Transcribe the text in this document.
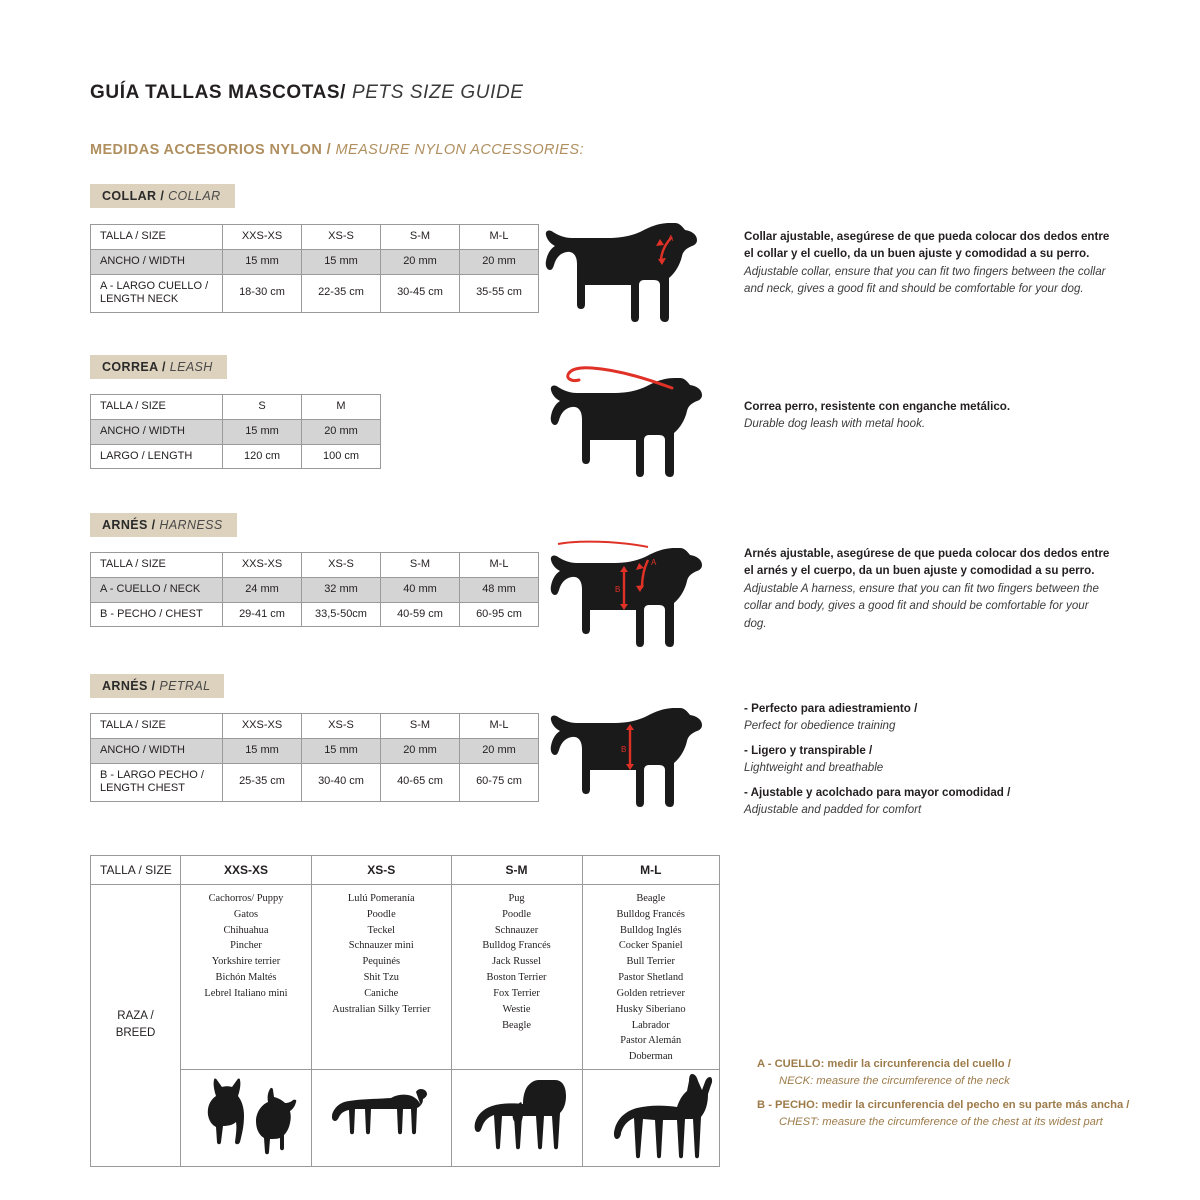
GUÍA TALLAS MASCOTAS/ PETS SIZE GUIDE
MEDIDAS ACCESORIOS NYLON / MEASURE NYLON ACCESSORIES:
COLLAR / COLLAR
TALLA / SIZE	XXS-XS	XS-S	S-M	M-L
ANCHO / WIDTH	15 mm	15 mm	20 mm	20 mm
A - LARGO CUELLO / LENGTH NECK	18-30 cm	22-35 cm	30-45 cm	35-55 cm
A	Collar ajustable, asegúrese de que pueda colocar dos dedos entre el collar y el cuello, da un buen ajuste y comodidad a su perro.
Adjustable collar, ensure that you can fit two fingers between the collar and neck, gives a good fit and should be comfortable for your dog.
CORREA / LEASH
TALLA / SIZE	S	M
ANCHO / WIDTH	15 mm	20 mm
LARGO / LENGTH	120 cm	100 cm
Correa perro, resistente con enganche metálico.
Durable dog leash with metal hook.
ARNÉS / HARNESS
TALLA / SIZE	XXS-XS	XS-S	S-M	M-L
A - CUELLO / NECK	24 mm	32 mm	40 mm	48 mm
B - PECHO / CHEST	29-41 cm	33,5-50cm	40-59 cm	60-95 cm
A
B
Arnés ajustable, asegúrese de que pueda colocar dos dedos entre el arnés y el cuerpo, da un buen ajuste y comodidad a su perro.
Adjustable A harness, ensure that you can fit two fingers between the collar and body, gives a good fit and should be comfortable for your dog.
ARNÉS / PETRAL
TALLA / SIZE	XXS-XS	XS-S	S-M	M-L
ANCHO / WIDTH	15 mm	15 mm	20 mm	20 mm
B - LARGO PECHO / LENGTH CHEST	25-35 cm	30-40 cm	40-65 cm	60-75 cm
B
- Perfecto para adiestramiento /
Perfect for obedience training
- Ligero y transpirable /
Lightweight and breathable
- Ajustable y acolchado para mayor comodidad /
Adjustable and padded for comfort
TALLA / SIZE	XXS-XS	XS-S	S-M	M-L
RAZA /
BREED	
Cachorros/ Puppy
Gatos
Chihuahua
Pincher
Yorkshire terrier
Bichón Maltés
Lebrel Italiano mini

Lulú Pomeranía
Poodle
Teckel
Schnauzer mini
Pequinés
Shit Tzu
Caniche
Australian Silky Terrier

Pug
Poodle
Schnauzer
Bulldog Francés
Jack Russel
Boston Terrier
Fox Terrier
Westie
Beagle

Beagle
Bulldog Francés
Bulldog Inglés
Cocker Spaniel
Bull Terrier
Pastor Shetland
Golden retriever
Husky Siberiano
Labrador
Pastor Alemán
Doberman

A - CUELLO: medir la circunferencia del cuello /
NECK: measure the circumference of the neck
B - PECHO: medir la circunferencia del pecho en su parte más ancha /
CHEST: measure the circumference of the chest at its widest part
